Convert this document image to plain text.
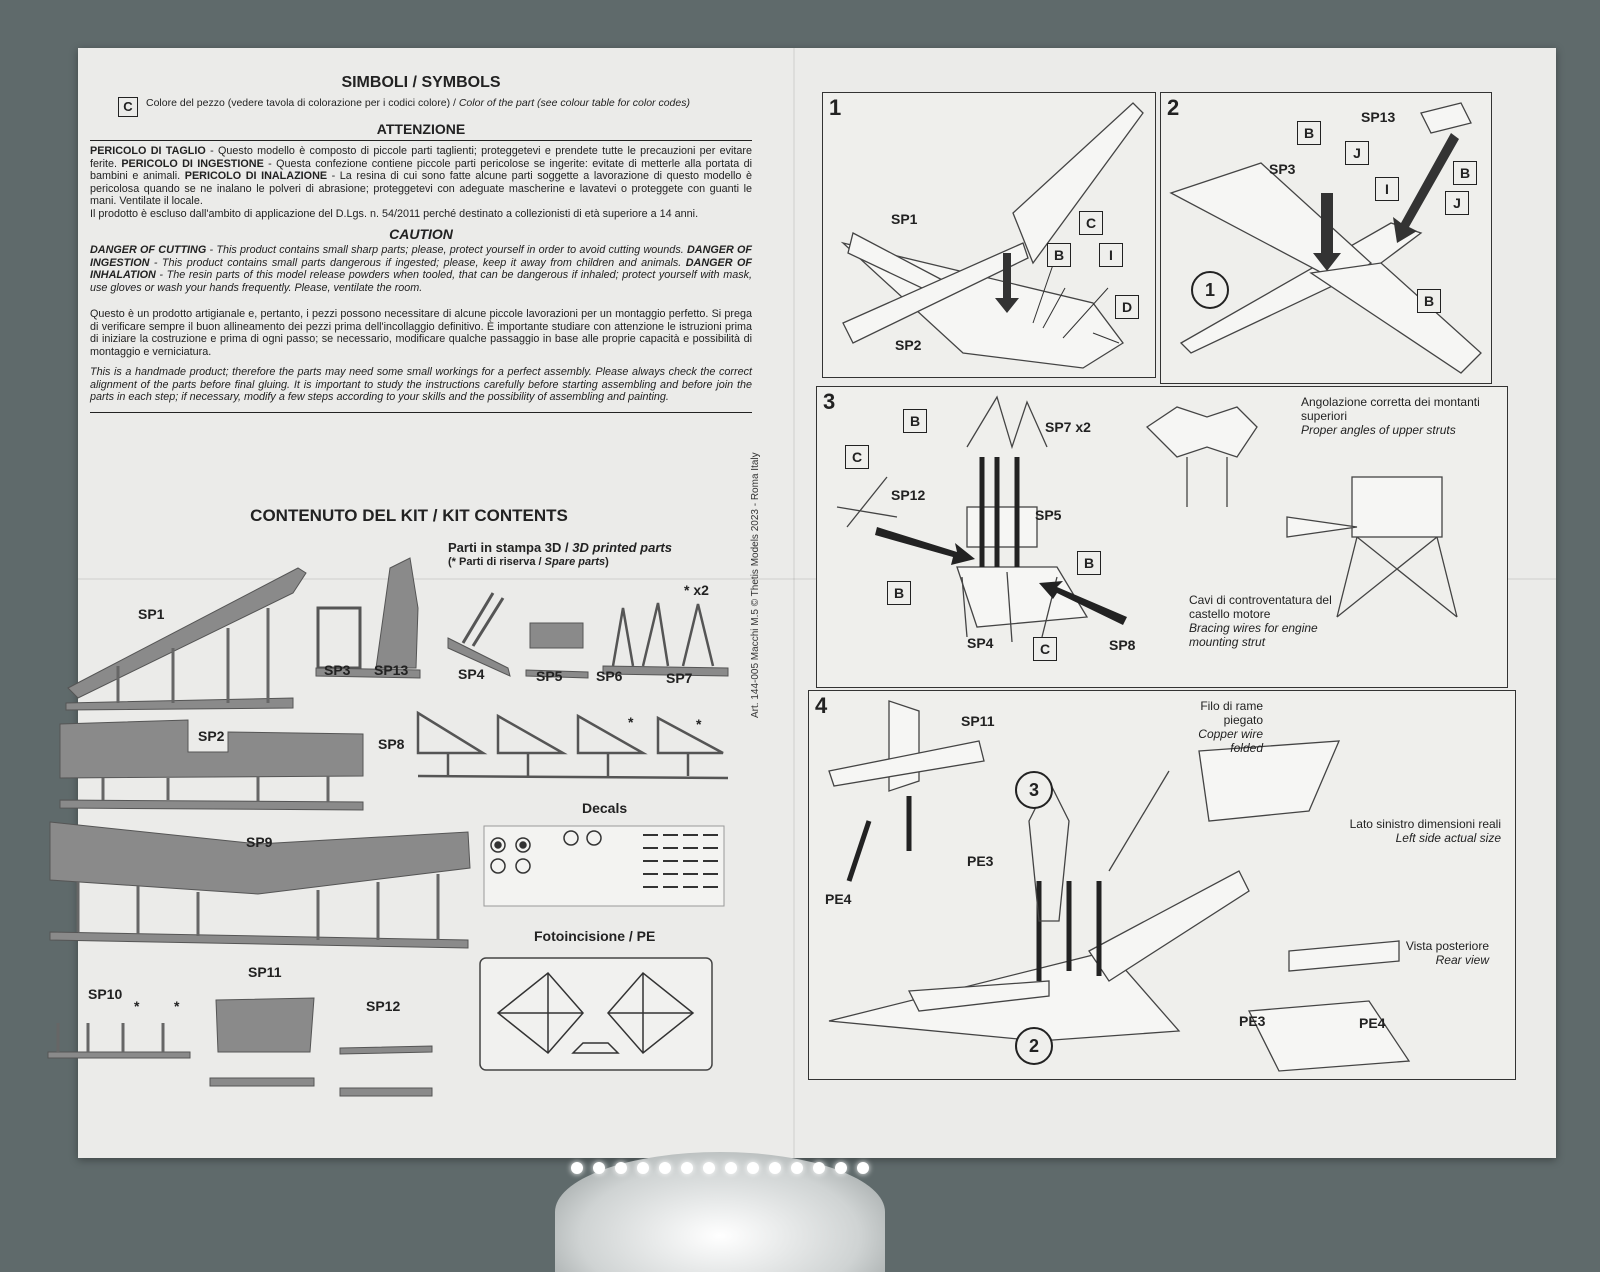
SIMBOLI / SYMBOLS
C	Colore del pezzo (vedere tavola di colorazione per i codici colore) / Color of the part (see colour table for color codes)
ATTENZIONE

PERICOLO DI TAGLIO - Questo modello è composto di piccole parti taglienti; proteggetevi e prendete tutte le precauzioni per evitare ferite. PERICOLO DI INGESTIONE - Questa confezione contiene piccole parti pericolose se ingerite: evitate di metterle alla portata di bambini e animali. PERICOLO DI INALAZIONE - La resina di cui sono fatte alcune parti soggette a lavorazione di questo modello è pericolosa quando se ne inalano le polveri di abrasione; proteggetevi con adeguate mascherine e lavatevi o proteggete con guanti le mani. Ventilate il locale.
Il prodotto è escluso dall'ambito di applicazione del D.Lgs. n. 54/2011 perché destinato a collezionisti di età superiore a 14 anni.

CAUTION

DANGER OF CUTTING - This product contains small sharp parts; please, protect yourself in order to avoid cutting wounds. DANGER OF INGESTION - This product contains small parts dangerous if ingested; please, keep it away from children and animals. DANGER OF INHALATION - The resin parts of this model release powders when tooled, that can be dangerous if inhaled; protect yourself with mask, use gloves or wash your hands frequently. Please, ventilate the room.

Questo è un prodotto artigianale e, pertanto, i pezzi possono necessitare di alcune piccole lavorazioni per un montaggio perfetto. Si prega di verificare sempre il buon allineamento dei pezzi prima dell'incollaggio definitivo. È importante studiare con attenzione le istruzioni prima di iniziare la costruzione e prima di ogni passo; se necessario, modificare qualche passaggio in base alle proprie capacità e possibilità di montaggio e verniciatura.

This is a handmade product; therefore the parts may need some small workings for a perfect assembly. Please always check the correct alignment of the parts before final gluing. It is important to study the instructions carefully before starting assembling and before join the parts in each step; if necessary, modify a few steps according to your skills and the possibility of assembling and painting.

CONTENUTO DEL KIT / KIT CONTENTS
Parti in stampa 3D / 3D printed parts
(* Parti di riserva / Spare parts)
SP1
SP2
SP3 SP13	SP4	SP5 SP6	SP7
* x2
SP8
*	*
SP9
SP10
* *
SP11
SP12
Decals
Fotoincisione / PE
Art. 144-005 Macchi M.5 © Thetis Models 2023 - Roma Italy
1
SP1
SP2
C
B	I
D
2	SP13
SP3
B
J
I
B
J
B
1
3
SP7 x2
SP12
SP5
SP4	SP8
B
C
B
B
C
Angolazione corretta dei montanti superiori
Proper angles of upper struts
Cavi di controventatura del castello motore
Bracing wires for engine mounting strut
4
SP11
PE3
PE4
PE3	PE4
3
2
Filo di rame piegato
Copper wire folded
Lato sinistro dimensioni reali
Left side actual size
Vista posteriore
Rear view
